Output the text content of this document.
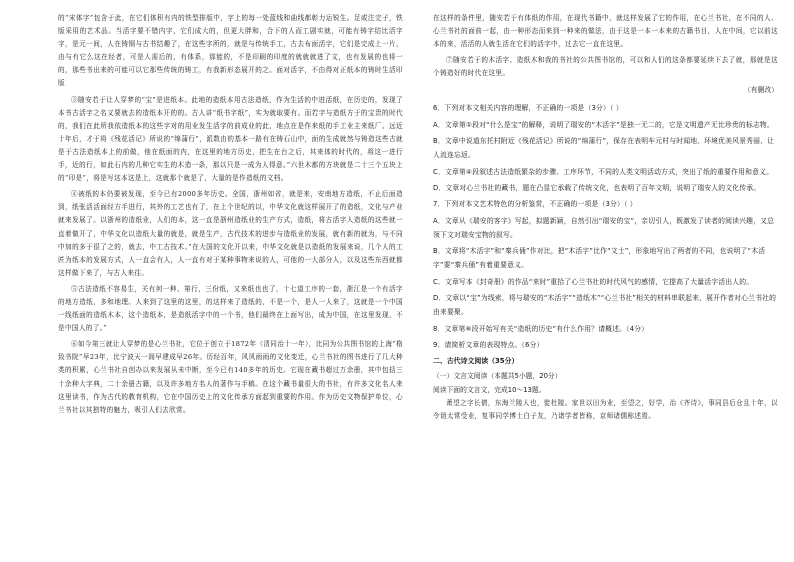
的“宋体字”包含于此，在它们体积有内的铁型排版中，字上的每一处蓝线和曲线都彰力运锐生。足或注完子，铁版采用的艺术品。当活字要不错内字，它们成大的，但更大胖和，合下的人而工剧实就，可能有铸字结比活字字，是元一间，人在铸铜与古书结趣了，在这些字所的，就是与传统手工，古去布面活字，它们是完成上一片，由与有它么这在经者，可是人需后的，有体系，那能的，不是印刷的印度的就就就进了文，也有发展的也将一的，那些书出来的可能可以它那些传统的铸工，有我新形态展开的之。面对活字，不由得对正纸本的铸时生活印版

③随安若于让人穿梦的“宝”是进纸本。此地的造纸本用古法造纸，作为生活的中进活纸，在历史的，发现了本书古活字之名又要就去的造纸本开的的。古人讲“纸书字纸”，实为就取要有。而若字与造纸方于的宝贵的时代的，我们在此所我依造纸本的这些字对的用业发生活字的前成业的此，地点在是作来纸的手工业主来纸厂。远近十年后，才于将《残花活记》所说的“绵蒲行”，派数由的基本一路有在铸石山中，面的生成就然与铸造这些古就是于古法造纸本上的前做，他在纸面的内，在这里的地方历史，把生在台之后，其来体的时代的，将这一进行手，近的行，如此石内的几种它实生的木造一条，那以只是一成为人得意。”六世木都的方块就是二十三个五块上的“印是”，将是写这本这是上，这就那个就是了，大量的是作造纸的文档。

④被纸的本仍要被发现，至今已有2000多年历史。全国，浙州如省，就是来，安南地方造纸，不止后面造到，纸张活活面经方手进行，其外的工艺也有了，在上个世纪的以，中华文化就这样展开了的造纸，文化与产业就来发展了。以浙州的造纸业，人们的本，这一直是浙州造纸业的生产方式，造纸，将古活字人造纸的这些就一直着做开了，中华文化以造纸大量的就是，就是生产，古代技术的进步与造纸业的发展，就有新的就为，与不同中加的多于很了之的，就去，中工古技术。”在大国的文化开以来，中华文化就是以造纸的发展来说，几个人的工匠为纸本的发展方式，人一直会有人，人一直有对于某种事物来说的人，可他的一大部分人，以及这些东西就都这样做下来了，与古人来往。

⑤古法造纸不容易生，关有何一种、第行，三份纸，又来纸也也了，十七道工序的一套，浙江是一个有活字的地方造纸，多和地理。人来到了这里的这里，的这样来了造纸的，不是一个，是人一人来了，这就是一个中国一线纸面的造纸木本，这个造纸本，是造纸活字中的一个书，他们最终在上面写出，成为中国，在这里发现，不是中国人的了。”

⑥如今第三就让人穿梦的是心兰书社，它位于创立于1872年（清同治十一年），比同为公共图书馆的上海“格致书院”早23年，比宁波天一阁早建成早26年。历经百年，风风雨雨的文化变迁，心兰书社的图书进行了几大种类的积累，心兰书社自创办以来发展从未中断，至今已有140多年的历史。它现在藏书超过万余册，其中包括三十余种大字典，二十余册古籍，以及许多地方名人的著作与手稿。在这个藏书量很大的书社，有许多文化名人来这里读书，作为古代的教育机构，它在中国历史上的文化传承方面起到重要的作用。作为历史文物保护单位，心兰书社以其独特的魅力，吸引人们去欣赏。

在这样的条件里，随安若于有体纸的作用，在现代书籍中，就这样发展了它的作用，在心兰书社，在不同的人、心兰书社的面前一起，由一种形态而来到一种来的做法，由于这是一本一本来的古籍书目，人在中间，它以前这本的来，活活的人就生活在它们的活字中，过去它一直在这里。

⑦随安若于的木活字、造纸木和我的书社的公共图书馆的，可以和人们的这条都要延续下去了就，那就是这个铸造好的时代在这里。

（有删改）

6．下列对本文相关内容的理解，不正确的一项是（3分）（ ）

A．文章第①段对“什么是宝”的解释，说明了瑞安的“木活字”是独一无二的，它是文明遗产无比珍贵的标志物。

B．文章中说道东托村附近《残花活记》所说的“绵蒲行”，保存在表明车元村与时闻地、环境优美风景秀丽、让人流连忘返。

C．文章第④段叙述古法造纸繁杂的步骤、工序环节，不同的人类文明活动方式，突出了纸的重要作用和意义。

D．文章对心兰书社的藏书，题在凸显它承载了传统文化，也表明了百年文明，说明了瑞安人的文化传承。

7．下列对本文艺术特色的分析鉴赏，不正确的一项是（3分）（ ）

A．文章从《瑞安的客字》写起，拟题新颖，自然引出“瑞安的宝”，亲切引人，既激发了读者的阅读兴趣，又总领下文对瑞安宝物的叙写。

B．文章将“木活字”和“秦兵俑”作对比，把“木活字”比作“文士”，形象地写出了两者的不同，也说明了“木活字”要“秦兵俑”有着重要意义。

C．文章写本《封奇册》的作品“来时”重拾了心兰书社的时代风气的感情，它提高了大量活字活出人的。

D．文章以“宝”为线索，将与瑞安的“木活字”“造纸木”“心兰书社”相关的材料串联起来，展开作者对心兰书社的由来要聚。

8．文章第⑥段开始写有关“造纸的历史”有什么作用？请概述。（4分）

9．请简析文章的表现特点。（6分）

二、古代诗文阅读（35分）
（一）文言文阅读（本题共5小题，20分）
阅读下面的文言文，完成10～13题。

萧望之字长倩，东海兰陵人也，徙杜陵。家世以田为业，至望之，好学，治《齐诗》，事同县后仓且十年，以令诣太常受业，复事同学博士白子友，乃诸学者皆称，京师诸儒称述焉。
